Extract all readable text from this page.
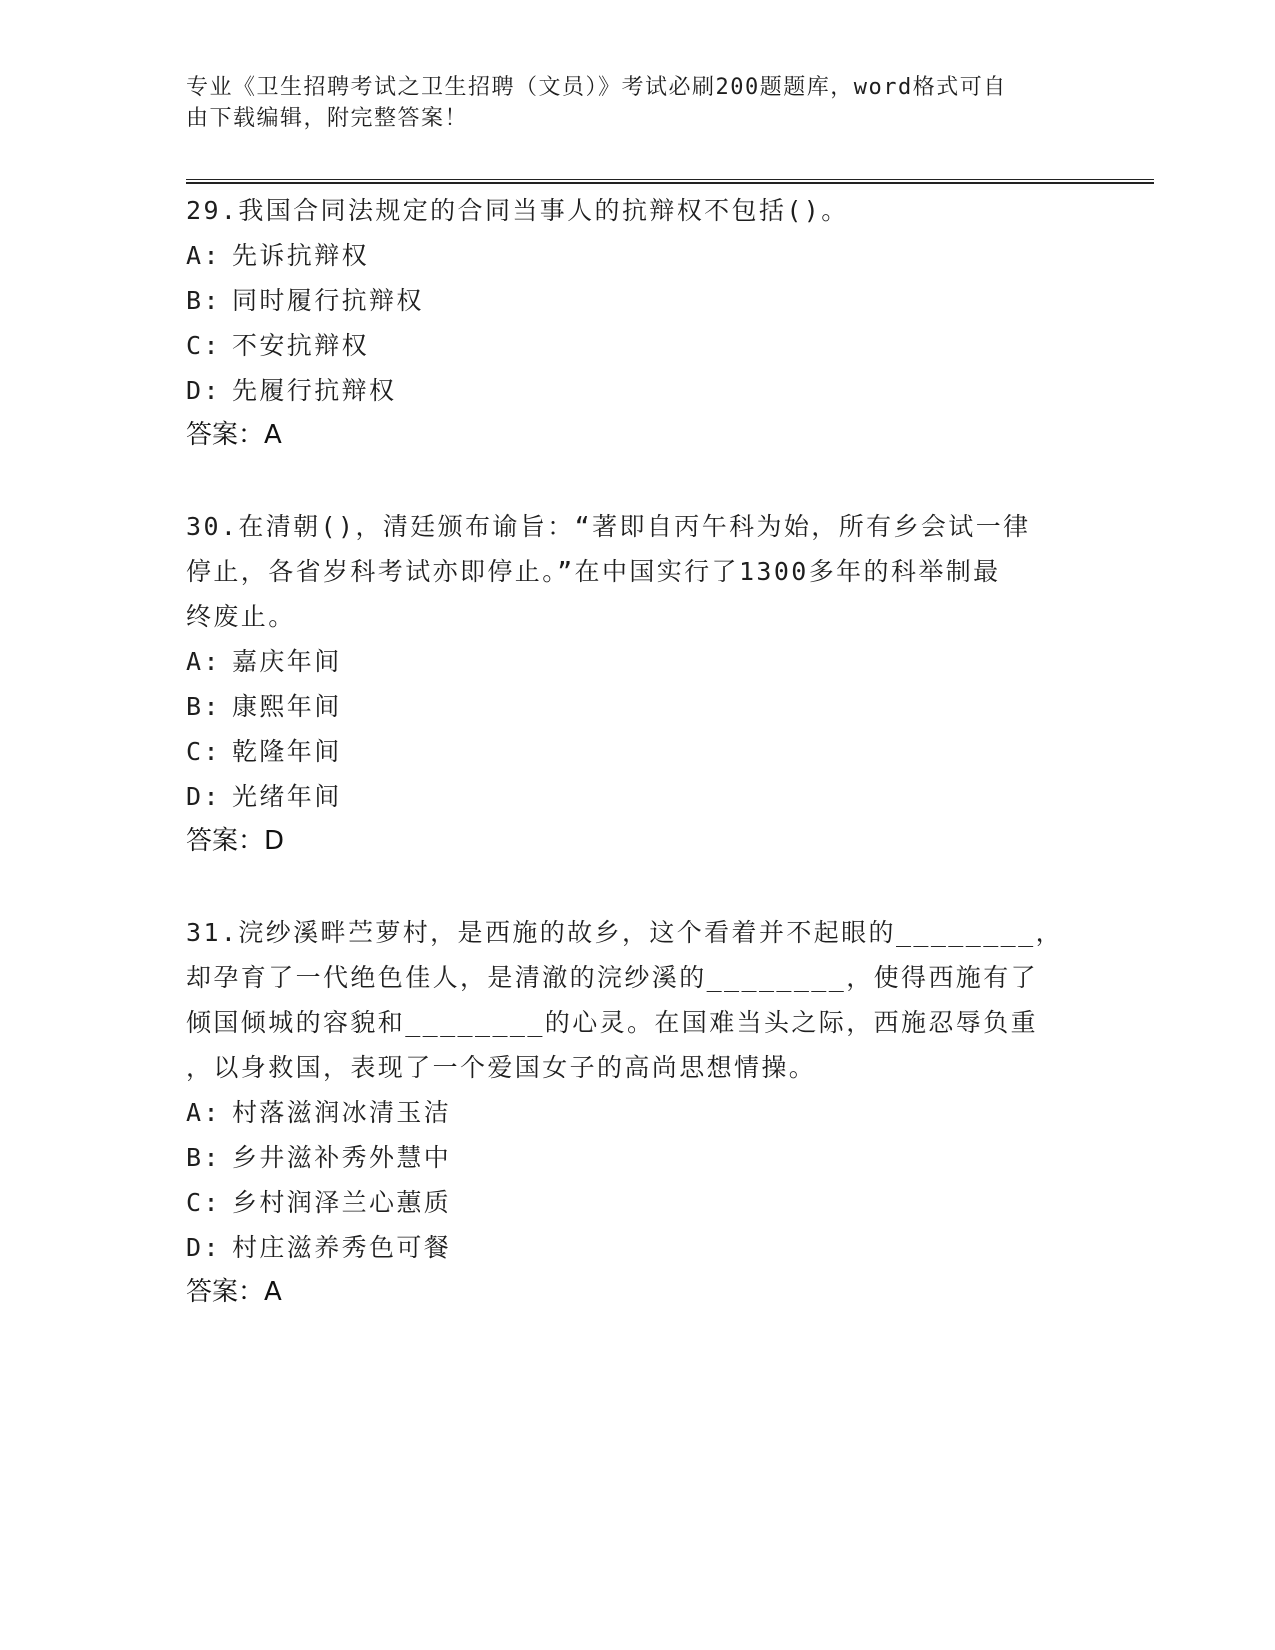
专业《卫生招聘考试之卫生招聘（文员）》考试必刷200题题库，word格式可自
由下载编辑，附完整答案！

29.我国合同法规定的合同当事人的抗辩权不包括()。

A: 先诉抗辩权

B: 同时履行抗辩权

C: 不安抗辩权

D: 先履行抗辩权

答案：A

30.在清朝()，清廷颁布谕旨：“著即自丙午科为始，所有乡会试一律

停止，各省岁科考试亦即停止。”在中国实行了1300多年的科举制最

终废止。

A: 嘉庆年间

B: 康熙年间

C: 乾隆年间

D: 光绪年间

答案：D

31.浣纱溪畔苎萝村，是西施的故乡，这个看着并不起眼的________，

却孕育了一代绝色佳人，是清澈的浣纱溪的________，使得西施有了

倾国倾城的容貌和________的心灵。在国难当头之际，西施忍辱负重

，以身救国，表现了一个爱国女子的高尚思想情操。

A: 村落滋润冰清玉洁

B: 乡井滋补秀外慧中

C: 乡村润泽兰心蕙质

D: 村庄滋养秀色可餐

答案：A
